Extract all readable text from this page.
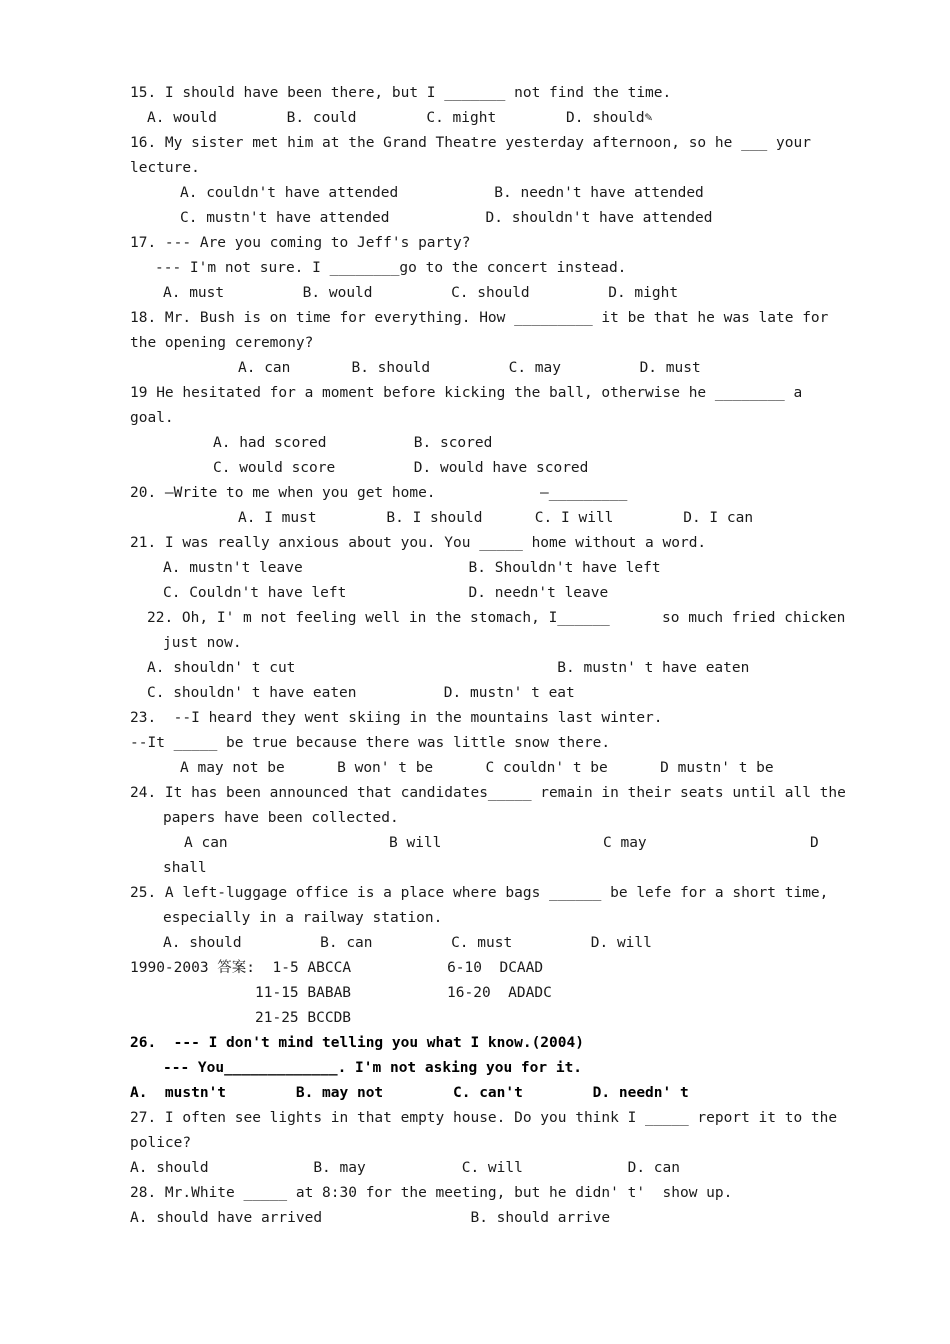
15. I should have been there, but I _______ not find the time.
A. would        B. could        C. might        D. should✎
16. My sister met him at the Grand Theatre yesterday afternoon, so he ___ your
lecture.
A. couldn't have attended           B. needn't have attended
C. mustn't have attended           D. shouldn't have attended
17. --- Are you coming to Jeff's party?
--- I'm not sure. I ________go to the concert instead.
A. must         B. would         C. should         D. might
18. Mr. Bush is on time for everything. How _________ it be that he was late for
the opening ceremony?
A. can       B. should         C. may         D. must
19 He hesitated for a moment before kicking the ball, otherwise he ________ a
goal.
A. had scored          B. scored
C. would score         D. would have scored
20. —Write to me when you get home.	—_________
A. I must        B. I should      C. I will        D. I can
21. I was really anxious about you. You _____ home without a word.
A. mustn't leave                   B. Shouldn't have left
C. Couldn't have left              D. needn't leave
22. Oh, I' m not feeling well in the stomach, I______      so much fried chicken
just now.
A. shouldn' t cut                              B. mustn' t have eaten
C. shouldn' t have eaten          D. mustn' t eat
23.  --I heard they went skiing in the mountains last winter.
--It _____ be true because there was little snow there.
A may not be      B won' t be      C couldn' t be      D mustn' t be
24. It has been announced that candidates_____ remain in their seats until all the
papers have been collected.
A can	B will	C may	D
shall
25. A left-luggage office is a place where bags ______ be lefe for a short time,
especially in a railway station.
A. should         B. can         C. must         D. will
1990-2003 答案:  1-5 ABCCA           6-10  DCAAD
11-15 BABAB           16-20  ADADC
21-25 BCCDB
26.  --- I don't mind telling you what I know.(2004)
--- You_____________. I'm not asking you for it.
A.  mustn't        B. may not        C. can't        D. needn' t
27. I often see lights in that empty house. Do you think I _____ report it to the
police?
A. should            B. may           C. will            D. can
28. Mr.White _____ at 8:30 for the meeting, but he didn' t'  show up.
A. should have arrived                 B. should arrive
